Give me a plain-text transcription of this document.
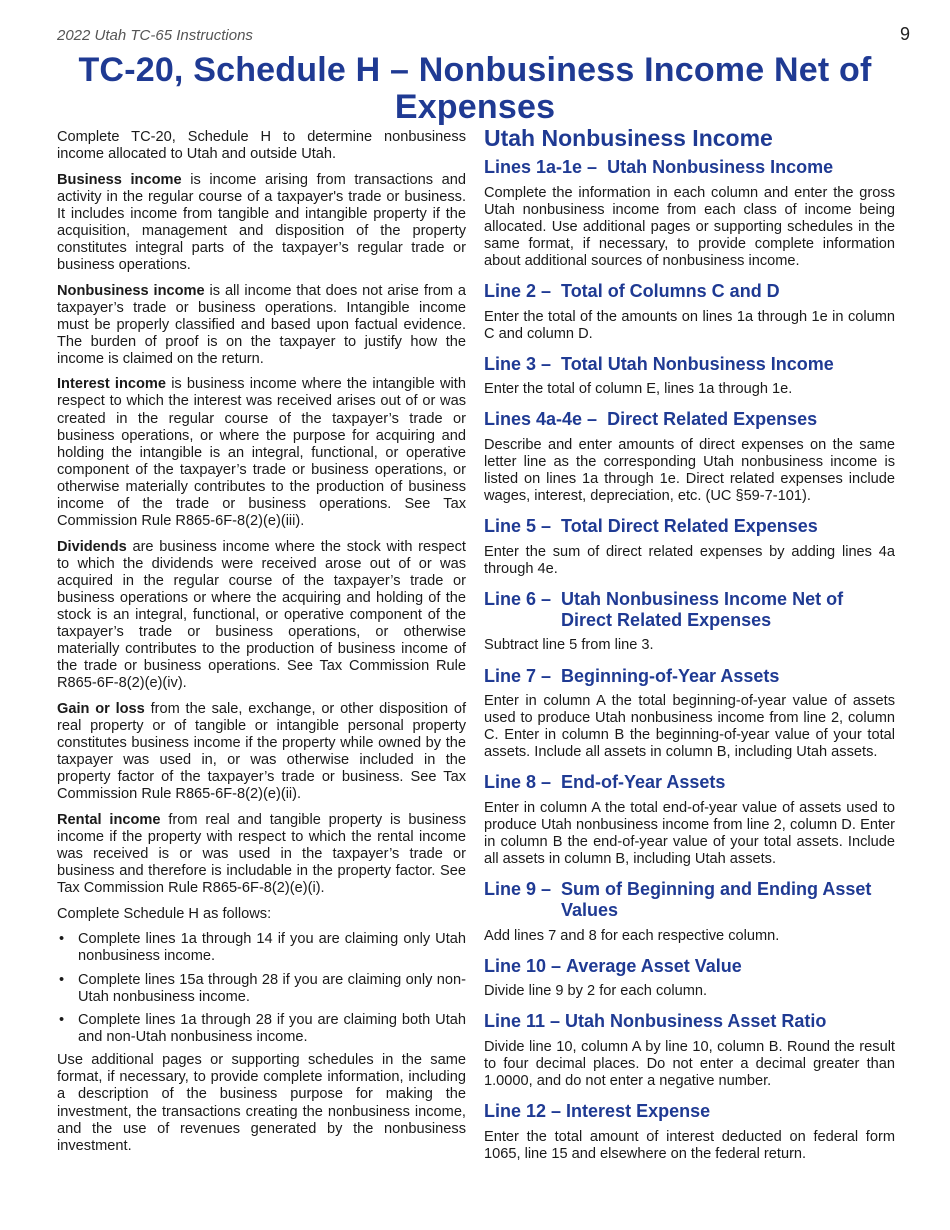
2022 Utah TC-65 Instructions	9
TC-20, Schedule H – Nonbusiness Income Net of Expenses

Complete TC-20, Schedule H to determine nonbusiness income allocated to Utah and outside Utah.

Business income is income arising from transactions and activity in the regular course of a taxpayer's trade or business. It includes income from tangible and intangible property if the acquisition, management and disposition of the property constitutes integral parts of the taxpayer’s regular trade or business operations.

Nonbusiness income is all income that does not arise from a taxpayer’s trade or business operations. Intangible income must be properly classified and based upon factual evidence. The burden of proof is on the taxpayer to justify how the income is claimed on the return.

Interest income is business income where the intangible with respect to which the interest was received arises out of or was created in the regular course of the taxpayer’s trade or business operations, or where the purpose for acquiring and holding the intangible is an integral, functional, or operative component of the taxpayer’s trade or business operations, or otherwise materially contributes to the production of business income of the trade or business operations. See Tax Commission Rule R865-6F-8(2)(e)(iii).

Dividends are business income where the stock with respect to which the dividends were received arose out of or was acquired in the regular course of the taxpayer’s trade or business operations or where the acquiring and holding of the stock is an integral, functional, or operative component of the taxpayer’s trade or business operations, or otherwise materially contributes to the production of business income of the trade or business operations. See Tax Commission Rule R865-6F-8(2)(e)(iv).

Gain or loss from the sale, exchange, or other disposition of real property or of tangible or intangible personal property constitutes business income if the property while owned by the taxpayer was used in, or was otherwise included in the property factor of the taxpayer’s trade or business. See Tax Commission Rule R865-6F-8(2)(e)(ii).

Rental income from real and tangible property is business income if the property with respect to which the rental income was received is or was used in the taxpayer’s trade or business and therefore is includable in the property factor. See Tax Commission Rule R865-6F-8(2)(e)(i).

Complete Schedule H as follows:

• Complete lines 1a through 14 if you are claiming only Utah nonbusiness income.
• Complete lines 15a through 28 if you are claiming only non-Utah nonbusiness income.
• Complete lines 1a through 28 if you are claiming both Utah and non-Utah nonbusiness income.

Use additional pages or supporting schedules in the same format, if necessary, to provide complete information, including a description of the business purpose for making the investment, the transactions creating the nonbusiness income, and the use of revenues generated by the nonbusiness investment.

Utah Nonbusiness Income
Lines 1a-1e – Utah Nonbusiness Income

Complete the information in each column and enter the gross Utah nonbusiness income from each class of income being allocated. Use additional pages or supporting schedules in the same format, if necessary, to provide complete information about additional sources of nonbusiness income.

Line 2 – Total of Columns C and D

Enter the total of the amounts on lines 1a through 1e in column C and column D.

Line 3 – Total Utah Nonbusiness Income

Enter the total of column E, lines 1a through 1e.

Lines 4a-4e – Direct Related Expenses

Describe and enter amounts of direct expenses on the same letter line as the corresponding Utah nonbusiness income is listed on lines 1a through 1e. Direct related expenses include wages, interest, depreciation, etc. (UC §59-7-101).

Line 5 – Total Direct Related Expenses

Enter the sum of direct related expenses by adding lines 4a through 4e.

Line 6 – Utah Nonbusiness Income Net of Direct Related Expenses

Subtract line 5 from line 3.

Line 7 – Beginning-of-Year Assets

Enter in column A the total beginning-of-year value of assets used to produce Utah nonbusiness income from line 2, column C. Enter in column B the beginning-of-year value of your total assets. Include all assets in column B, including Utah assets.

Line 8 – End-of-Year Assets

Enter in column A the total end-of-year value of assets used to produce Utah nonbusiness income from line 2, column D. Enter in column B the end-of-year value of your total assets. Include all assets in column B, including Utah assets.

Line 9 – Sum of Beginning and Ending Asset Values

Add lines 7 and 8 for each respective column.

Line 10 – Average Asset Value

Divide line 9 by 2 for each column.

Line 11 – Utah Nonbusiness Asset Ratio

Divide line 10, column A by line 10, column B. Round the result to four decimal places. Do not enter a decimal greater than 1.0000, and do not enter a negative number.

Line 12 – Interest Expense

Enter the total amount of interest deducted on federal form 1065, line 15 and elsewhere on the federal return.
